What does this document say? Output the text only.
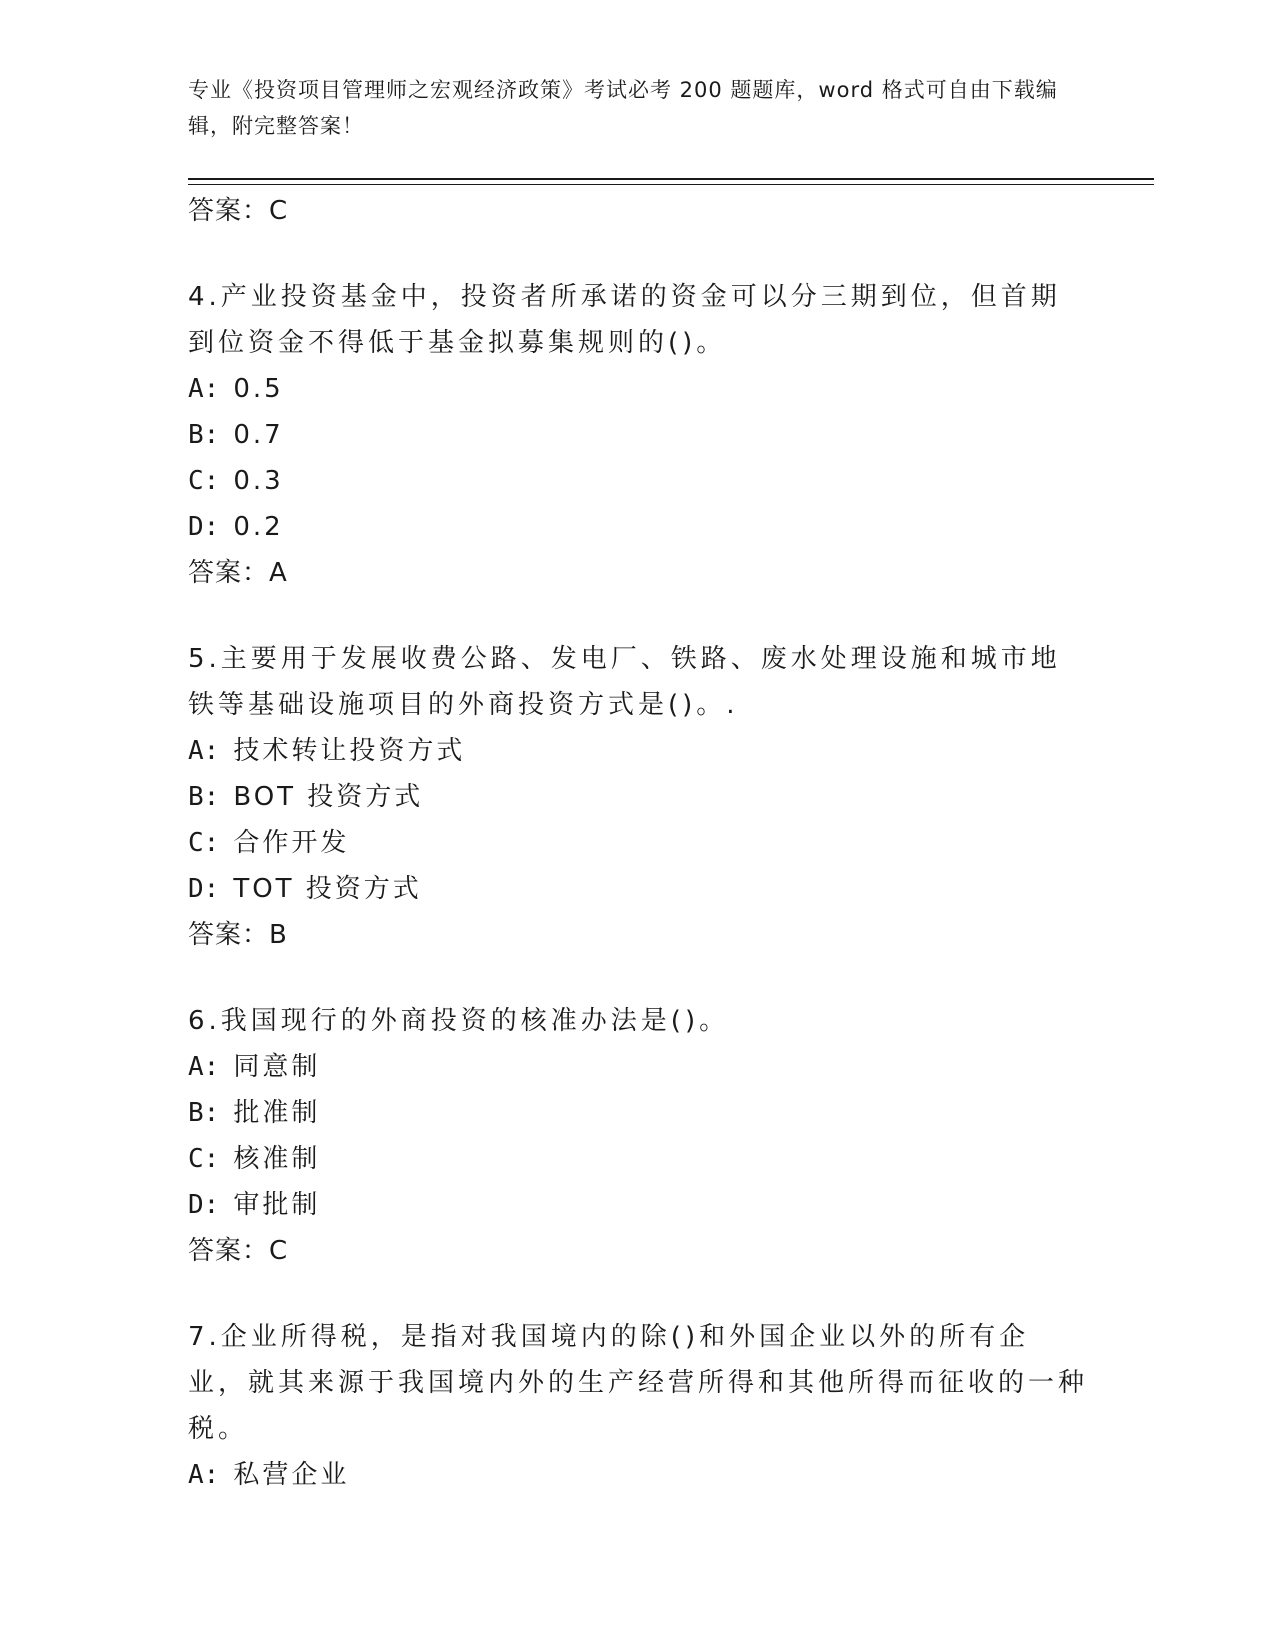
专业《投资项目管理师之宏观经济政策》考试必考 200 题题库，word 格式可自由下载编辑，附完整答案！
答案：C
4.产业投资基金中，投资者所承诺的资金可以分三期到位，但首期到位资金不得低于基金拟募集规则的()。
A: 0.5
B: 0.7
C: 0.3
D: 0.2
答案：A
5.主要用于发展收费公路、发电厂、铁路、废水处理设施和城市地铁等基础设施项目的外商投资方式是()。.
A: 技术转让投资方式
B: BOT 投资方式
C: 合作开发
D: TOT 投资方式
答案：B
6.我国现行的外商投资的核准办法是()。
A: 同意制
B: 批准制
C: 核准制
D: 审批制
答案：C
7.企业所得税，是指对我国境内的除()和外国企业以外的所有企业，就其来源于我国境内外的生产经营所得和其他所得而征收的一种税。
A: 私营企业
